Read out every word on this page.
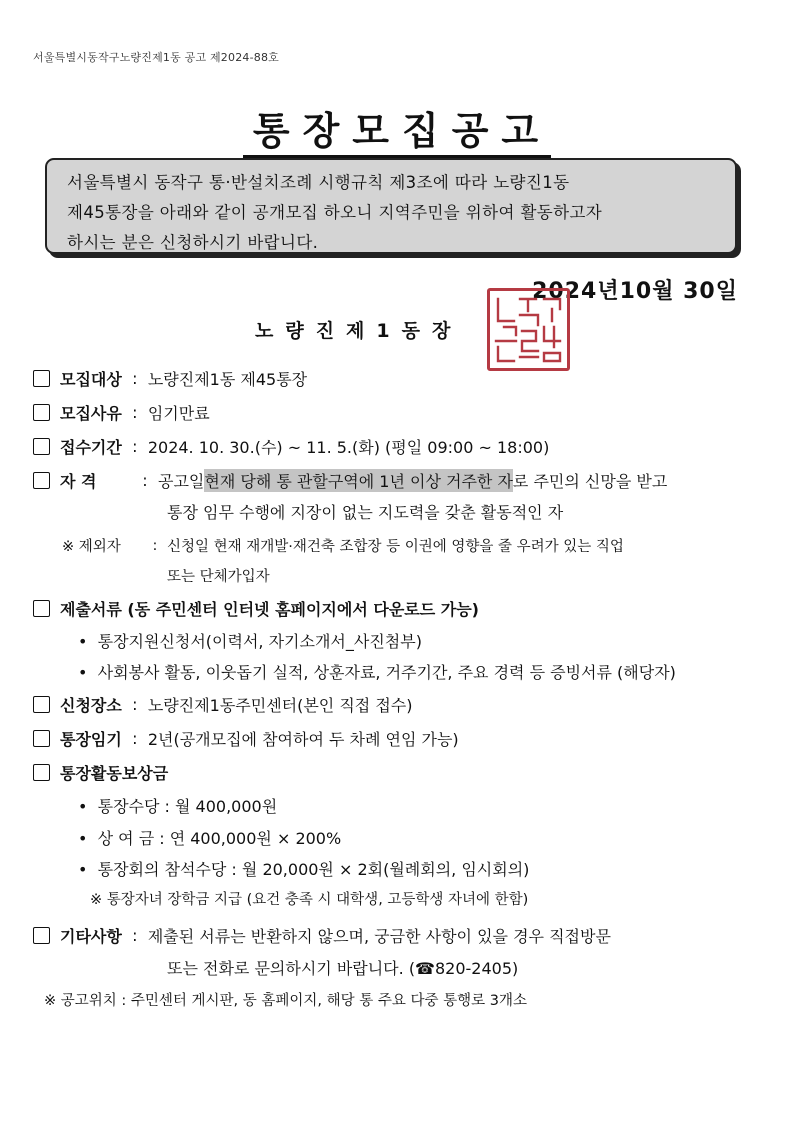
서울특별시동작구노량진제1동 공고 제2024-88호
통장모집공고
서울특별시 동작구 통·반설치조례 시행규칙 제3조에 따라 노량진1동
제45통장을 아래와 같이 공개모집 하오니 지역주민을 위하여 활동하고자
하시는 분은 신청하시기 바랍니다.
2024년10월 30일
노량진제1동장
모집대상 : 노량진제1동 제45통장
모집사유 : 임기만료
접수기간 : 2024. 10. 30.(수) ~ 11. 5.(화) (평일 09:00 ~ 18:00)
자 격	: 공고일 현재 당해 통 관할구역에 1년 이상 거주한 자 로 주민의 신망을 받고
통장 임무 수행에 지장이 없는 지도력을 갖춘 활동적인 자
※ 제외자	: 신청일 현재 재개발·재건축 조합장 등 이권에 영향을 줄 우려가 있는 직업
또는 단체가입자
제출서류 (동 주민센터 인터넷 홈페이지에서 다운로드 가능)
•  통장지원신청서(이력서, 자기소개서_사진첨부)
•  사회봉사 활동, 이웃돕기 실적, 상훈자료, 거주기간, 주요 경력 등 증빙서류 (해당자)
신청장소 : 노량진제1동주민센터(본인 직접 접수)
통장임기 : 2년(공개모집에 참여하여 두 차례 연임 가능)
통장활동보상금
•  통장수당 : 월 400,000원
•  상 여 금 : 연 400,000원 × 200%
•  통장회의 참석수당 : 월 20,000원 × 2회(월례회의, 임시회의)
※ 통장자녀 장학금 지급 (요건 충족 시 대학생, 고등학생 자녀에 한함)
기타사항 : 제출된 서류는 반환하지 않으며, 궁금한 사항이 있을 경우 직접방문
또는 전화로 문의하시기 바랍니다. (☎820-2405)
※ 공고위치 : 주민센터 게시판, 동 홈페이지, 해당 통 주요 다중 통행로 3개소
